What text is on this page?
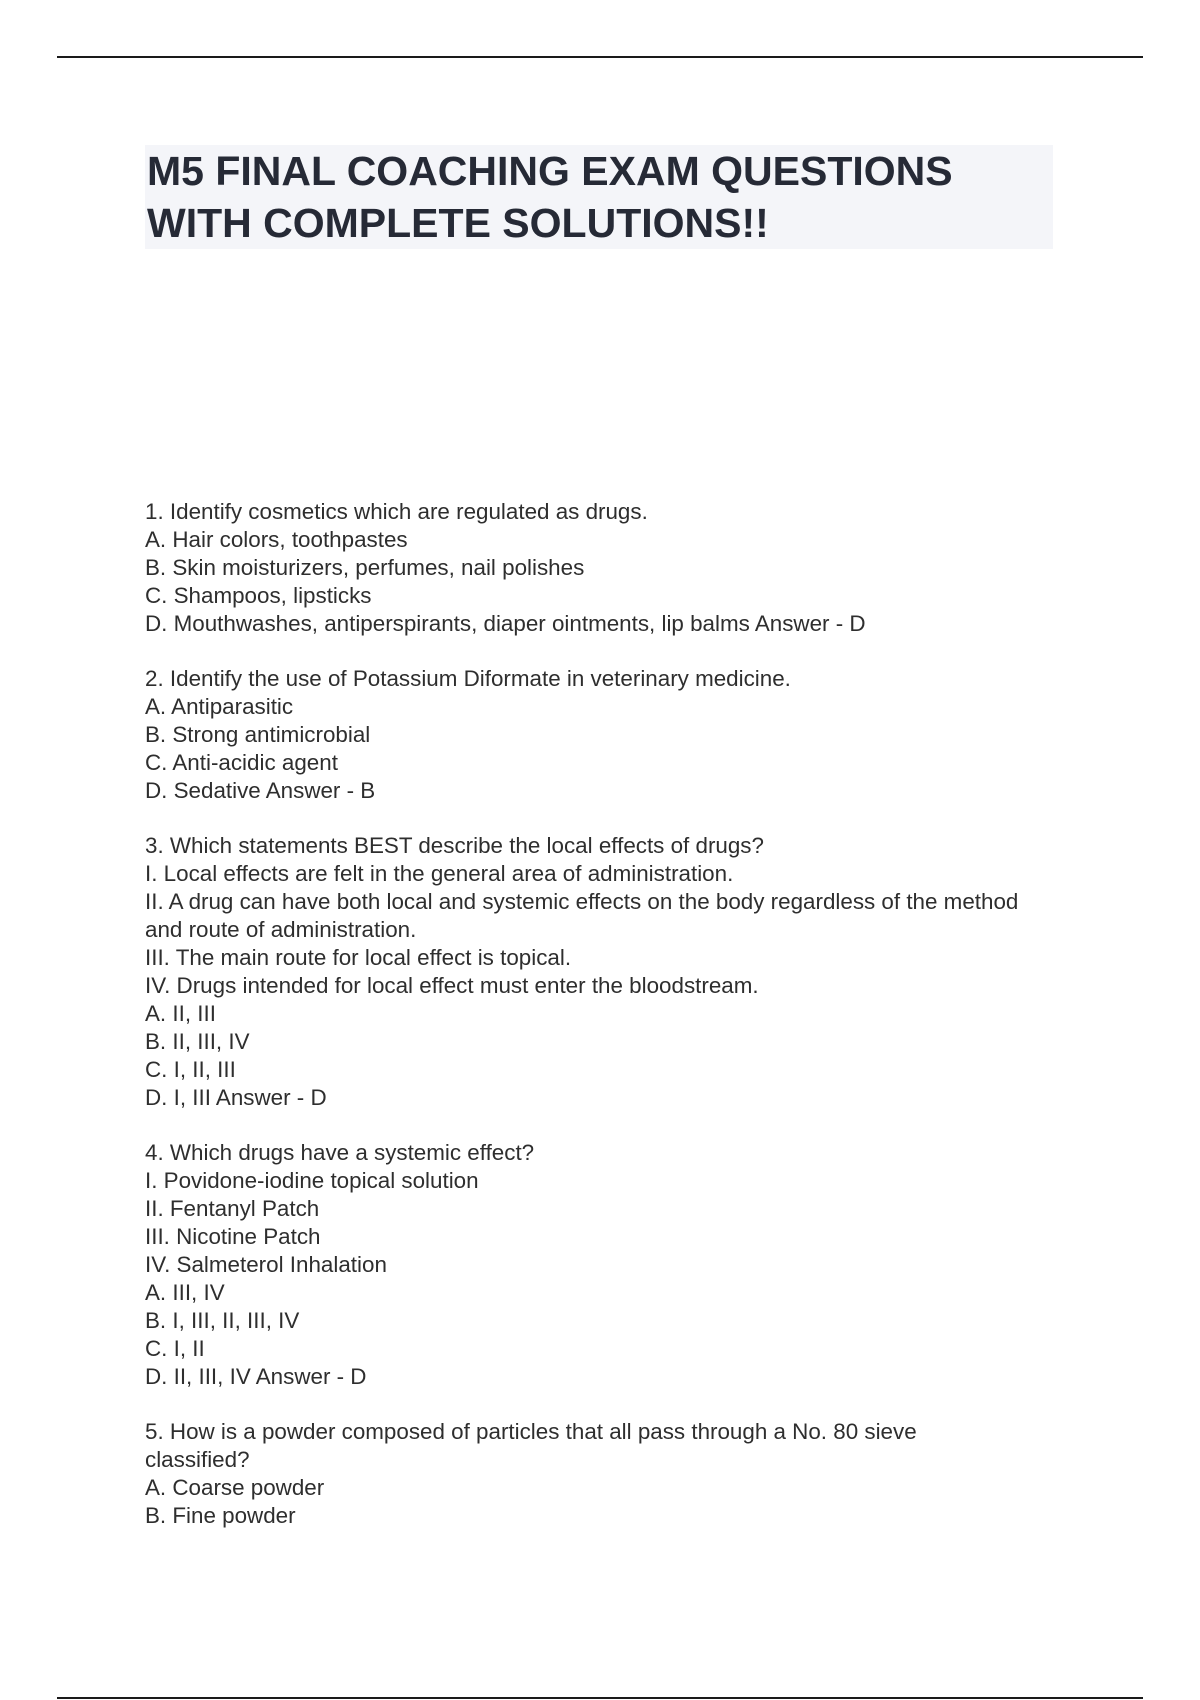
M5 FINAL COACHING EXAM QUESTIONS
WITH COMPLETE SOLUTIONS!!
1. Identify cosmetics which are regulated as drugs.
A. Hair colors, toothpastes
B. Skin moisturizers, perfumes, nail polishes
C. Shampoos, lipsticks
D. Mouthwashes, antiperspirants, diaper ointments, lip balms Answer - D
2. Identify the use of Potassium Diformate in veterinary medicine.
A. Antiparasitic
B. Strong antimicrobial
C. Anti-acidic agent
D. Sedative Answer - B
3. Which statements BEST describe the local effects of drugs?
I. Local effects are felt in the general area of administration.
II. A drug can have both local and systemic effects on the body regardless of the method and route of administration.
III. The main route for local effect is topical.
IV. Drugs intended for local effect must enter the bloodstream.
A. II, III
B. II, III, IV
C. I, II, III
D. I, III Answer - D
4. Which drugs have a systemic effect?
I. Povidone-iodine topical solution
II. Fentanyl Patch
III. Nicotine Patch
IV. Salmeterol Inhalation
A. III, IV
B. I, III, II, III, IV
C. I, II
D. II, III, IV Answer - D
5. How is a powder composed of particles that all pass through a No. 80 sieve classified?
A. Coarse powder
B. Fine powder
